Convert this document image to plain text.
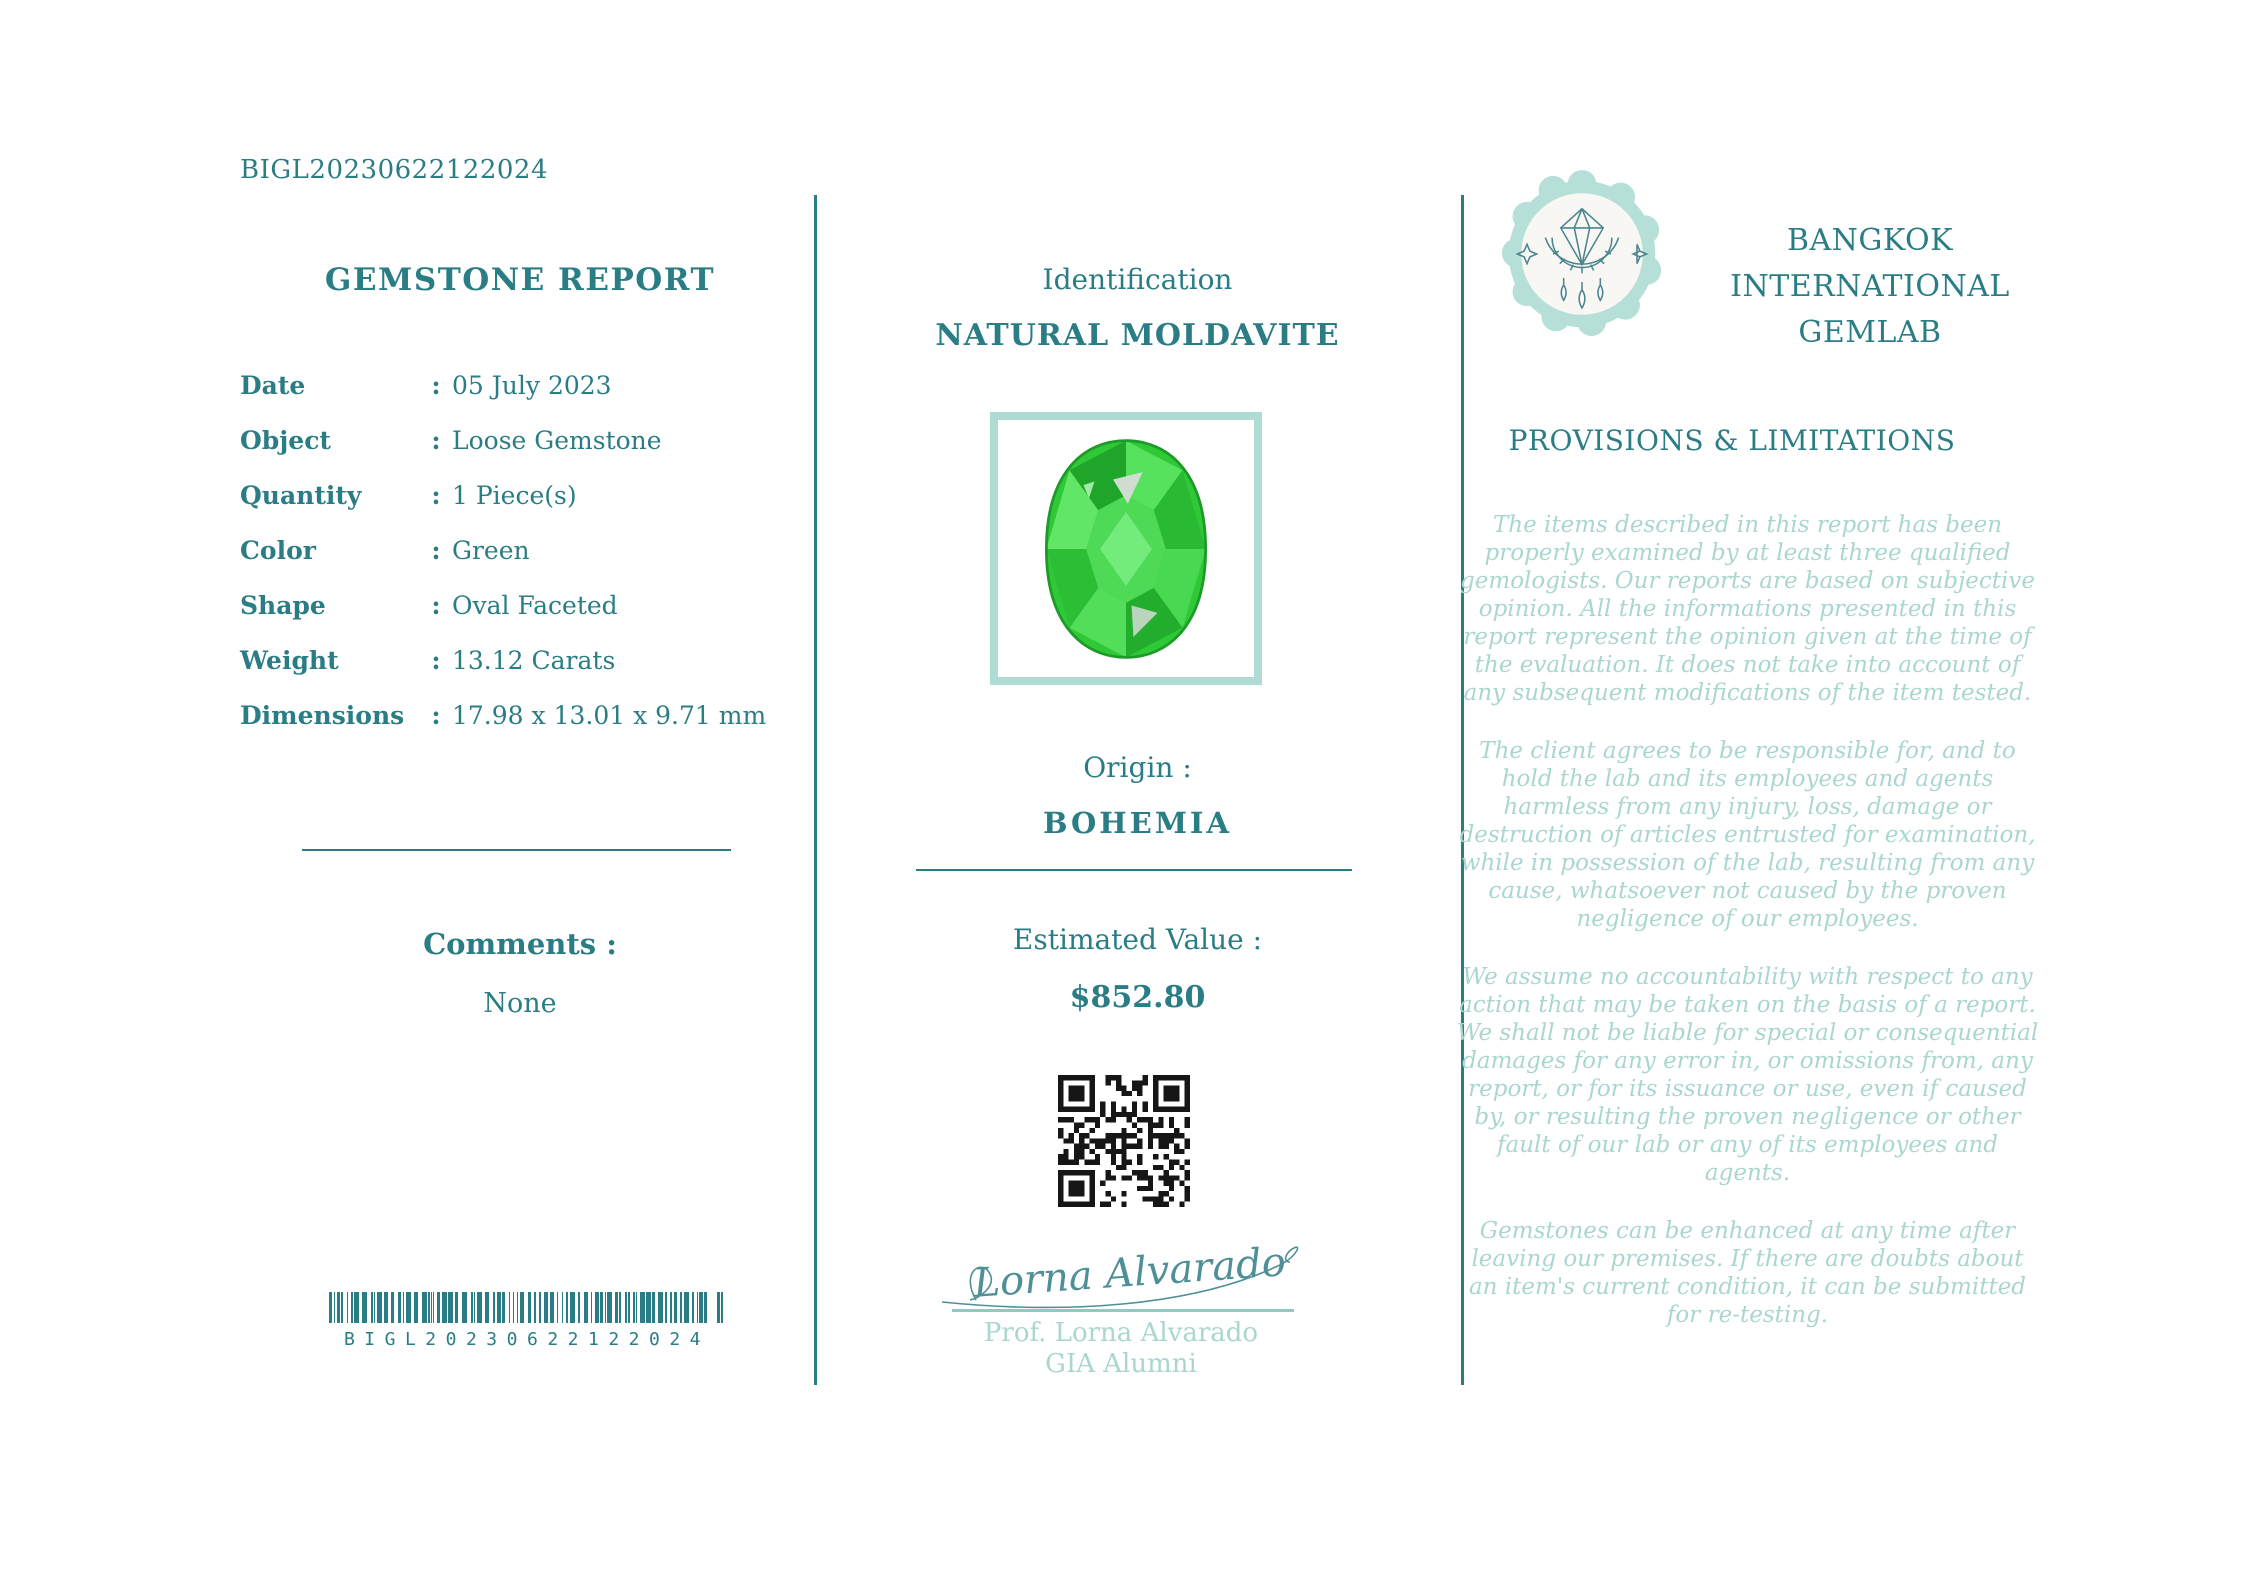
BIGL20230622122024
GEMSTONE REPORT
Date	: 05 July 2023
Object	: Loose Gemstone
Quantity	: 1 Piece(s)
Color	: Green
Shape	: Oval Faceted
Weight	: 13.12 Carats
Dimensions	: 17.98 x 13.01 x 9.71 mm
Comments :
None
BIGL20230622122024
Identification
NATURAL MOLDAVITE
Origin :
BOHEMIA
Estimated Value :
$852.80
Lorna Alvarado
Prof. Lorna Alvarado
GIA Alumni
BANGKOK
INTERNATIONAL
GEMLAB
PROVISIONS & LIMITATIONS

The items described in this report has been properly examined by at least three qualified gemologists. Our reports are based on subjective opinion. All the informations presented in this report represent the opinion given at the time of the evaluation. It does not take into account of any subsequent modifications of the item tested.

The client agrees to be responsible for, and to hold the lab and its employees and agents harmless from any injury, loss, damage or destruction of articles entrusted for examination, while in possession of the lab, resulting from any cause, whatsoever not caused by the proven negligence of our employees.

We assume no accountability with respect to any action that may be taken on the basis of a report. We shall not be liable for special or consequential damages for any error in, or omissions from, any report, or for its issuance or use, even if caused by, or resulting the proven negligence or other fault of our lab or any of its employees and agents.

Gemstones can be enhanced at any time after leaving our premises. If there are doubts about an item's current condition, it can be submitted for re-testing.
